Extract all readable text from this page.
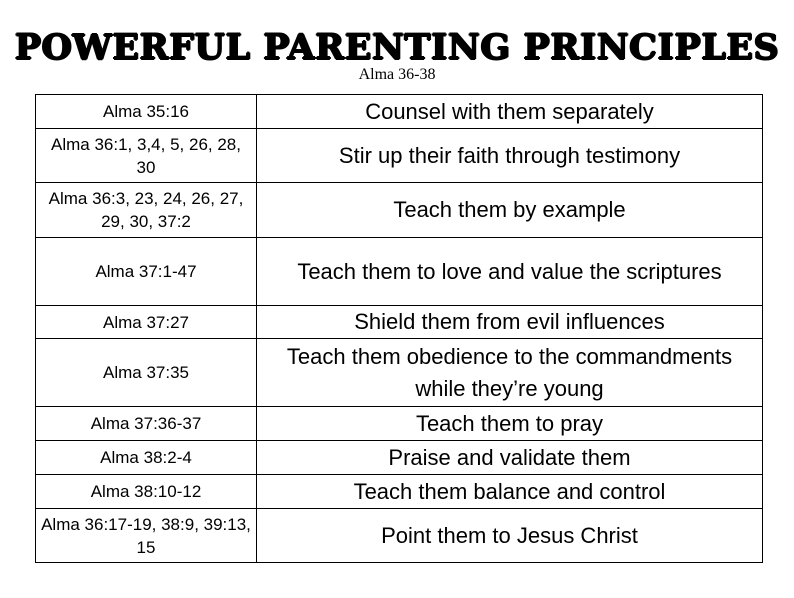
POWERFUL PARENTING PRINCIPLES
Alma 36-38
Alma 35:16	Counsel with them separately
Alma 36:1, 3,4, 5, 26, 28, 30	Stir up their faith through testimony
Alma 36:3, 23, 24, 26, 27, 29, 30, 37:2	Teach them by example
Alma 37:1-47	Teach them to love and value the scriptures
Alma 37:27	Shield them from evil influences
Alma 37:35	Teach them obedience to the commandments while they’re young
Alma 37:36-37	Teach them to pray
Alma 38:2-4	Praise and validate them
Alma 38:10-12	Teach them balance and control
Alma 36:17-19, 38:9, 39:13, 15	Point them to Jesus Christ
